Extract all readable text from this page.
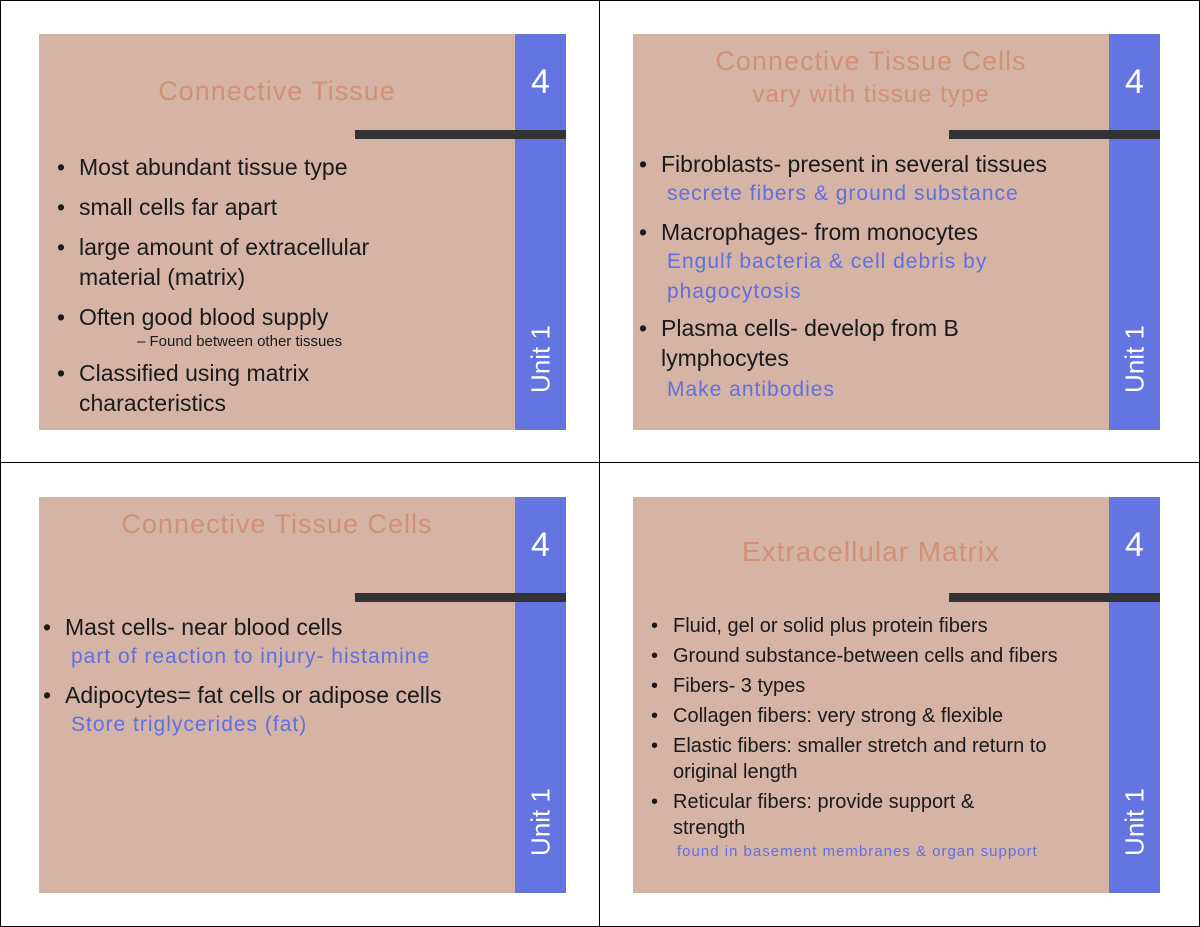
4
Unit 1
Connective Tissue
• Most abundant tissue type
• small cells far apart
• large amount of extracellular material (matrix)
• Often good blood supply
– Found between other tissues
• Classified using matrix characteristics
4
Unit 1
Connective Tissue Cells
vary with tissue type
• Fibroblasts- present in several tissues
secrete fibers & ground substance
• Macrophages- from monocytes
Engulf bacteria & cell debris by phagocytosis
• Plasma cells- develop from B lymphocytes
Make antibodies
4
Unit 1
Connective Tissue Cells
• Mast cells- near blood cells
part of reaction to injury- histamine
• Adipocytes= fat cells or adipose cells
Store triglycerides (fat)
4
Unit 1
Extracellular Matrix
• Fluid, gel or solid plus protein fibers
• Ground substance-between cells and fibers
• Fibers- 3 types
• Collagen fibers: very strong & flexible
• Elastic fibers: smaller stretch and return to original length
• Reticular fibers: provide support & strength
found in basement membranes & organ support
